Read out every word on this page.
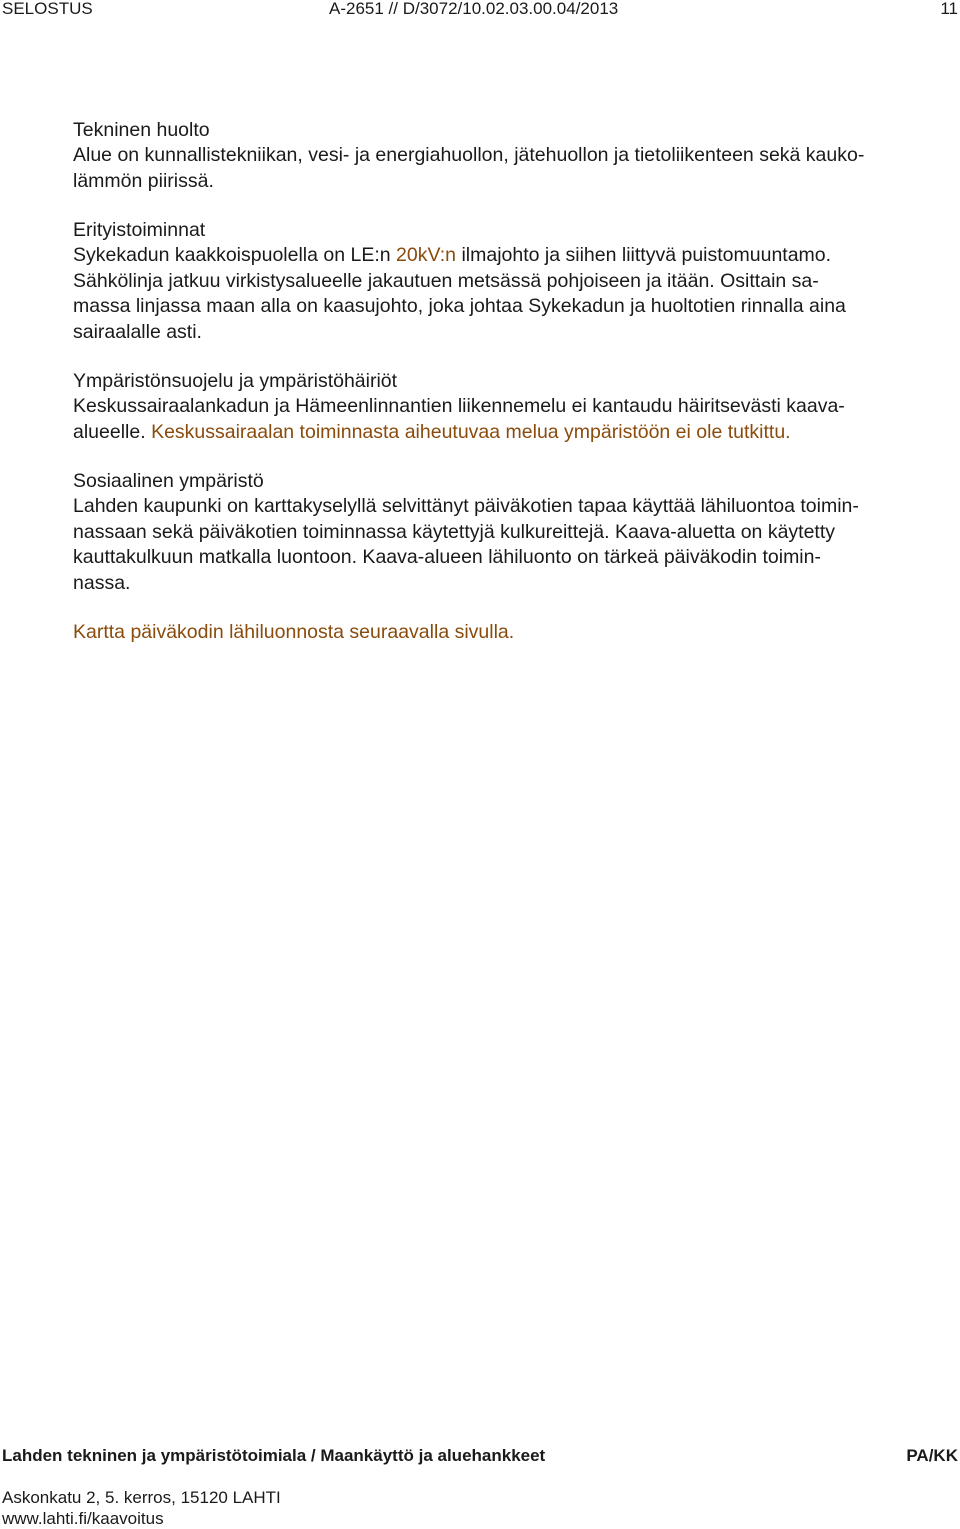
SELOSTUS	A-2651 // D/3072/10.02.03.00.04/2013	11
Tekninen huolto
Alue on kunnallistekniikan, vesi- ja energiahuollon, jätehuollon ja tietoliikenteen sekä kauko-
lämmön piirissä.
Erityistoiminnat
Sykekadun kaakkoispuolella on LE:n 20kV:n ilmajohto ja siihen liittyvä puistomuuntamo.
Sähkölinja jatkuu virkistysalueelle jakautuen metsässä pohjoiseen ja itään. Osittain sa-
massa linjassa maan alla on kaasujohto, joka johtaa Sykekadun ja huoltotien rinnalla aina
sairaalalle asti.
Ympäristönsuojelu ja ympäristöhäiriöt
Keskussairaalankadun ja Hämeenlinnantien liikennemelu ei kantaudu häiritsevästi kaava-
alueelle. Keskussairaalan toiminnasta aiheutuvaa melua ympäristöön ei ole tutkittu.
Sosiaalinen ympäristö
Lahden kaupunki on karttakyselyllä selvittänyt päiväkotien tapaa käyttää lähiluontoa toimin-
nassaan sekä päiväkotien toiminnassa käytettyjä kulkureittejä. Kaava-aluetta on käytetty
kauttakulkuun matkalla luontoon. Kaava-alueen lähiluonto on tärkeä päiväkodin toimin-
nassa.
Kartta päiväkodin lähiluonnosta seuraavalla sivulla.
Lahden tekninen ja ympäristötoimiala / Maankäyttö ja aluehankkeet	PA/KK
Askonkatu 2, 5. kerros, 15120 LAHTI
www.lahti.fi/kaavoitus
